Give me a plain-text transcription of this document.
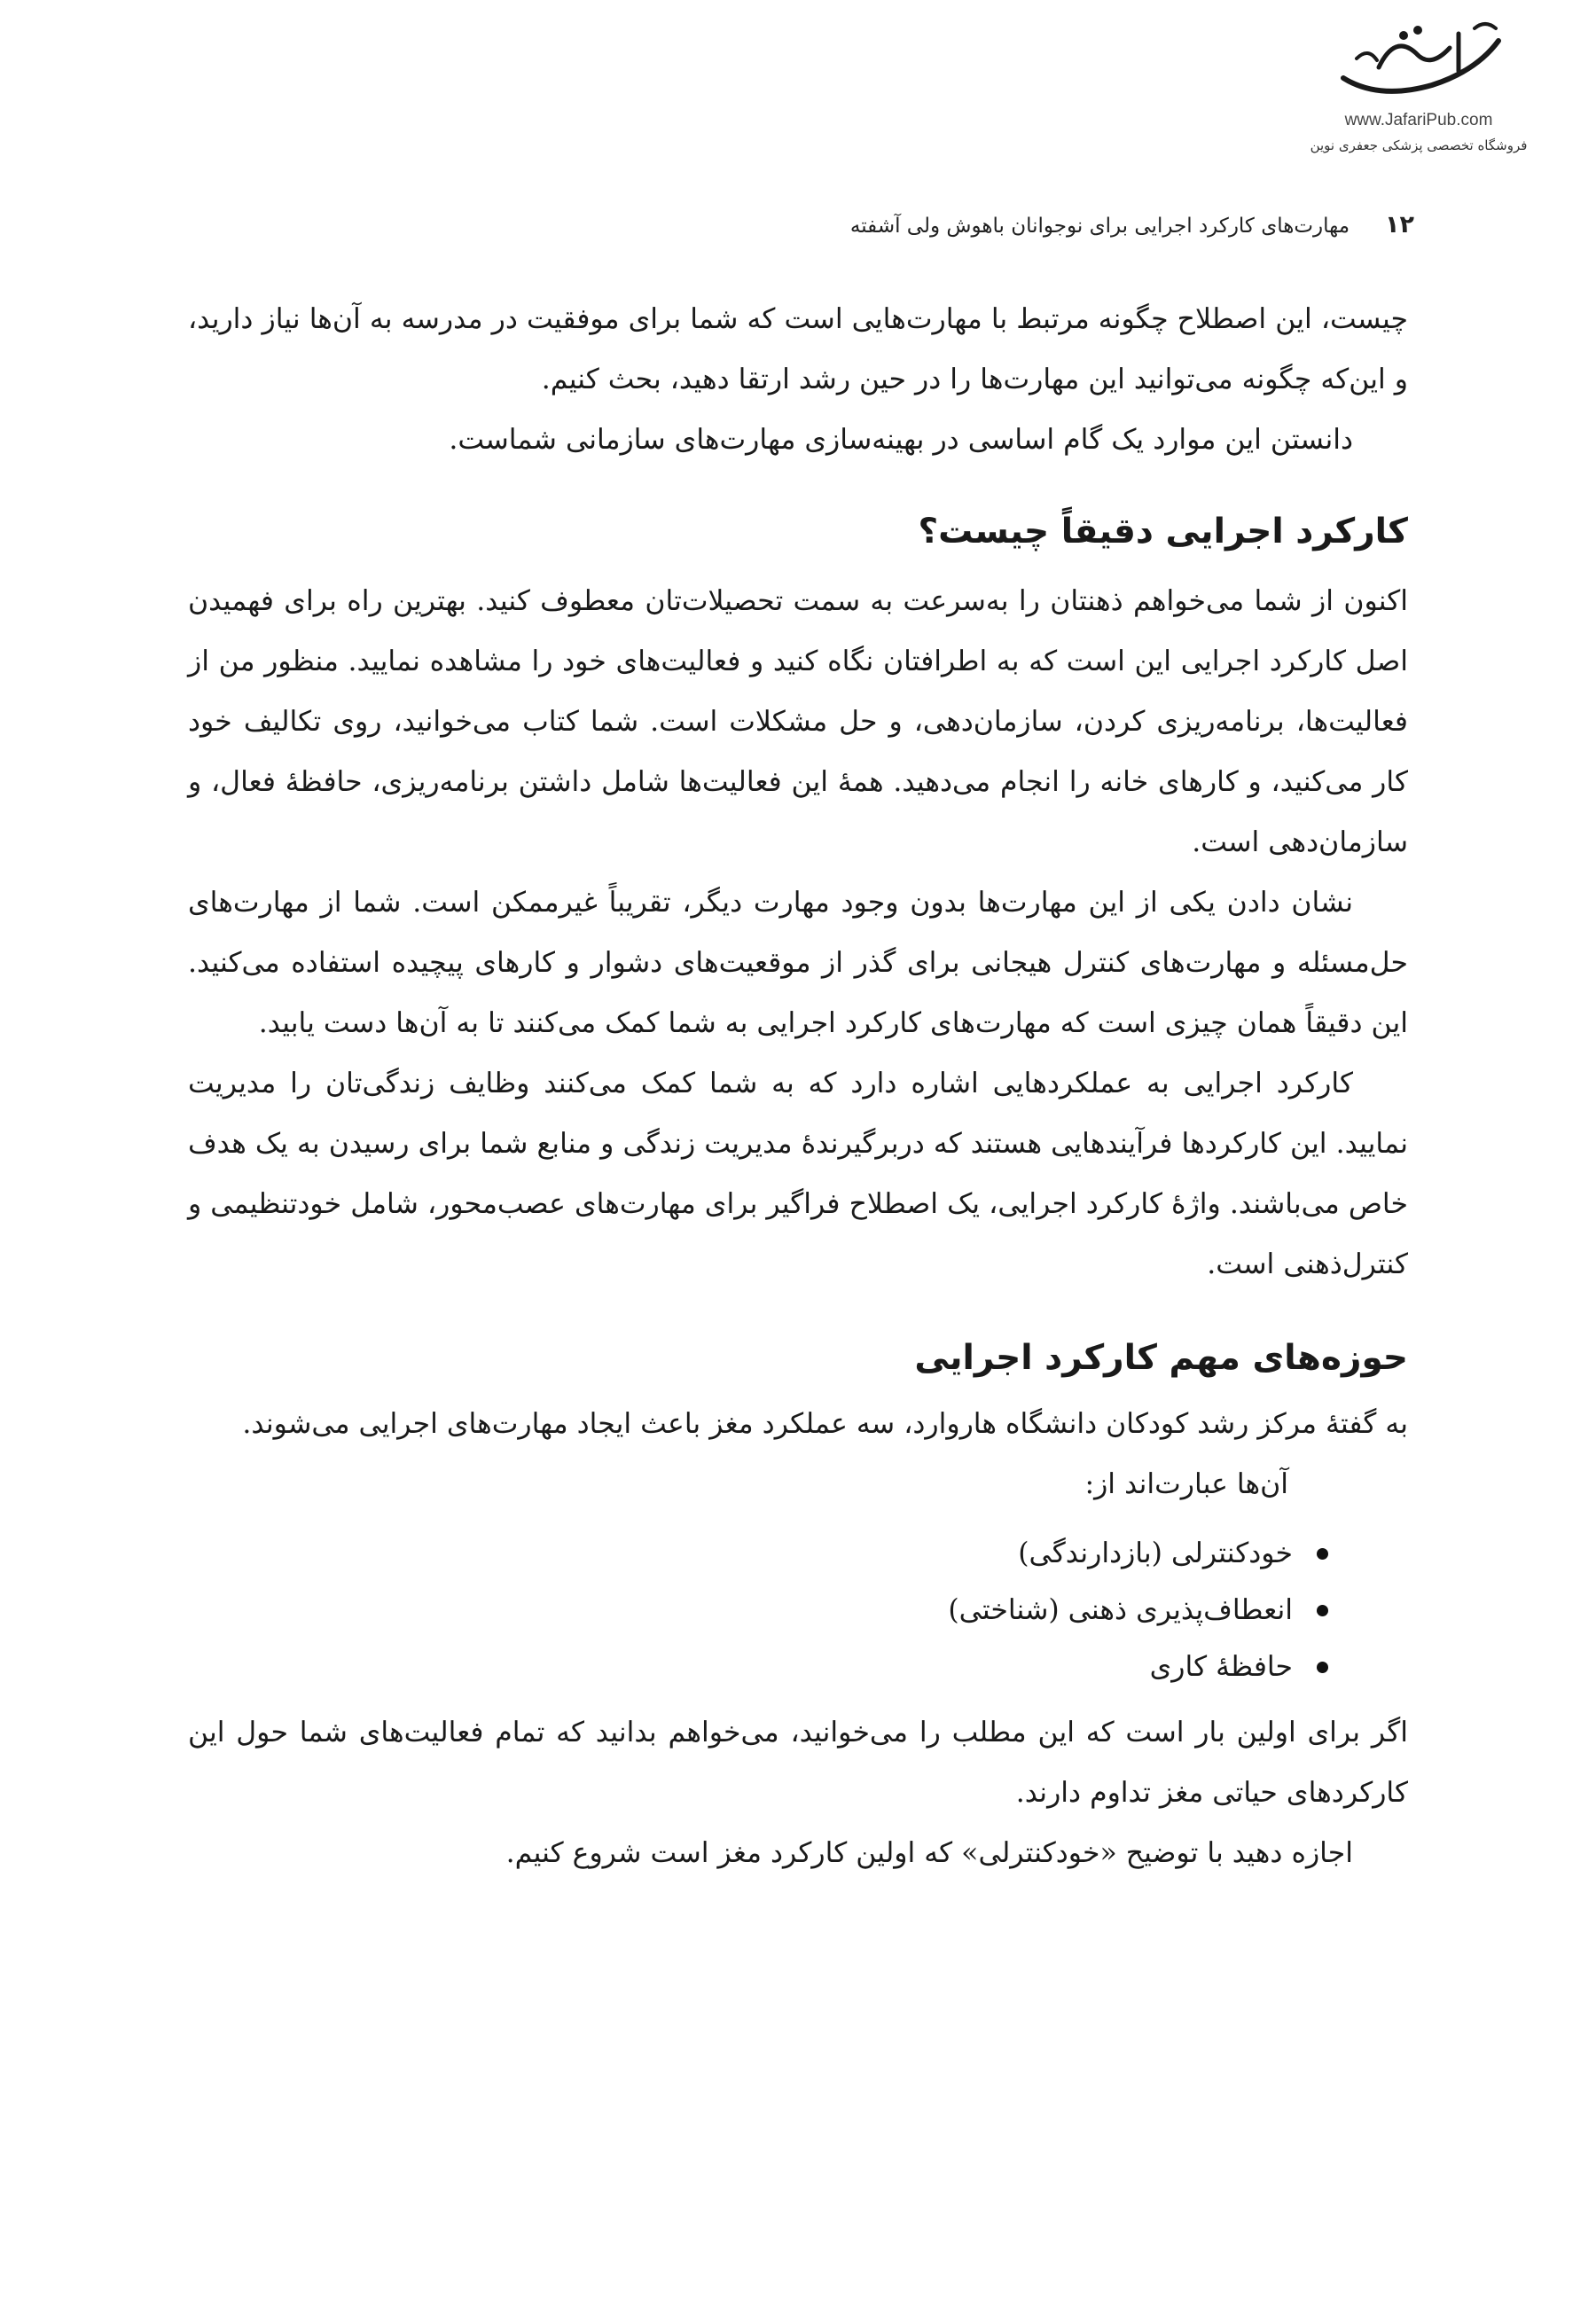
www.JafariPub.com
فروشگاه تخصصی پزشکی جعفری نوین
۱۲
مهارت‌های کارکرد اجرایی برای نوجوانان باهوش ولی آشفته

چیست، این اصطلاح چگونه مرتبط با مهارت‌هایی است که شما برای موفقیت در مدرسه به آن‌ها نیاز دارید، و این‌که چگونه می‌توانید این مهارت‌ها را در حین رشد ارتقا دهید، بحث کنیم.

دانستن این موارد یک گام اساسی در بهینه‌سازی مهارت‌های سازمانی شماست.

کارکرد اجرایی دقیقاً چیست؟

اکنون از شما می‌خواهم ذهنتان را به‌سرعت به سمت تحصیلات‌تان معطوف کنید. بهترین راه برای فهمیدن اصل کارکرد اجرایی این است که به اطرافتان نگاه کنید و فعالیت‌های خود را مشاهده نمایید. منظور من از فعالیت‌ها، برنامه‌ریزی کردن، سازمان‌دهی، و حل مشکلات است. شما کتاب می‌خوانید، روی تکالیف خود کار می‌کنید، و کارهای خانه را انجام می‌دهید. همهٔ این فعالیت‌ها شامل داشتن برنامه‌ریزی، حافظهٔ فعال، و سازمان‌دهی است.

نشان دادن یکی از این مهارت‌ها بدون وجود مهارت دیگر، تقریباً غیرممکن است. شما از مهارت‌های حل‌مسئله و مهارت‌های کنترل هیجانی برای گذر از موقعیت‌های دشوار و کارهای پیچیده استفاده می‌کنید. این دقیقاً همان چیزی است که مهارت‌های کارکرد اجرایی به شما کمک می‌کنند تا به آن‌ها دست یابید.

کارکرد اجرایی به عملکردهایی اشاره دارد که به شما کمک می‌کنند وظایف زندگی‌تان را مدیریت نمایید. این کارکردها فرآیندهایی هستند که دربرگیرندهٔ مدیریت زندگی و منابع شما برای رسیدن به یک هدف خاص می‌باشند. واژهٔ کارکرد اجرایی، یک اصطلاح فراگیر برای مهارت‌های عصب‌محور، شامل خودتنظیمی و کنترل‌ذهنی است.

حوزه‌های مهم کارکرد اجرایی

به گفتهٔ مرکز رشد کودکان دانشگاه هاروارد، سه عملکرد مغز باعث ایجاد مهارت‌های اجرایی می‌شوند.

آن‌ها عبارت‌اند از:

خودکنترلی (بازدارندگی)
انعطاف‌پذیری ذهنی (شناختی)
حافظهٔ کاری

اگر برای اولین بار است که این مطلب را می‌خوانید، می‌خواهم بدانید که تمام فعالیت‌های شما حول این کارکردهای حیاتی مغز تداوم دارند.

اجازه دهید با توضیح «خودکنترلی» که اولین کارکرد مغز است شروع کنیم.
